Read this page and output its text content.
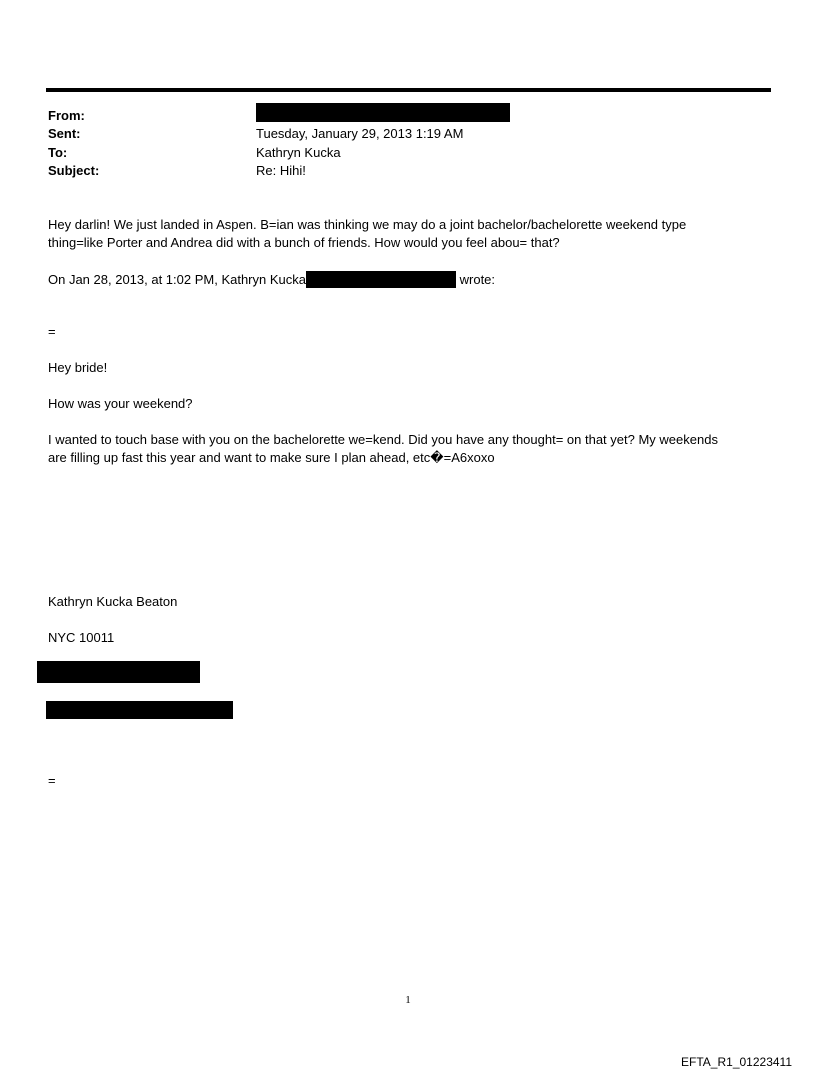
From:
Sent:	Tuesday, January 29, 2013 1:19 AM
To:	Kathryn Kucka
Subject:	Re: Hihi!
Hey darlin! We just landed in Aspen. B=ian was thinking we may do a joint bachelor/bachelorette weekend type
thing=like Porter and Andrea did with a bunch of friends. How would you feel abou= that?
On Jan 28, 2013, at 1:02 PM, Kathryn Kucka	wrote:
=
Hey bride!
How was your weekend?
I wanted to touch base with you on the bachelorette we=kend. Did you have any thought= on that yet? My weekends
are filling up fast this year and want to make sure I plan ahead, etc�=A6xoxo
Kathryn Kucka Beaton
NYC 10011
=
1
EFTA_R1_01223411
